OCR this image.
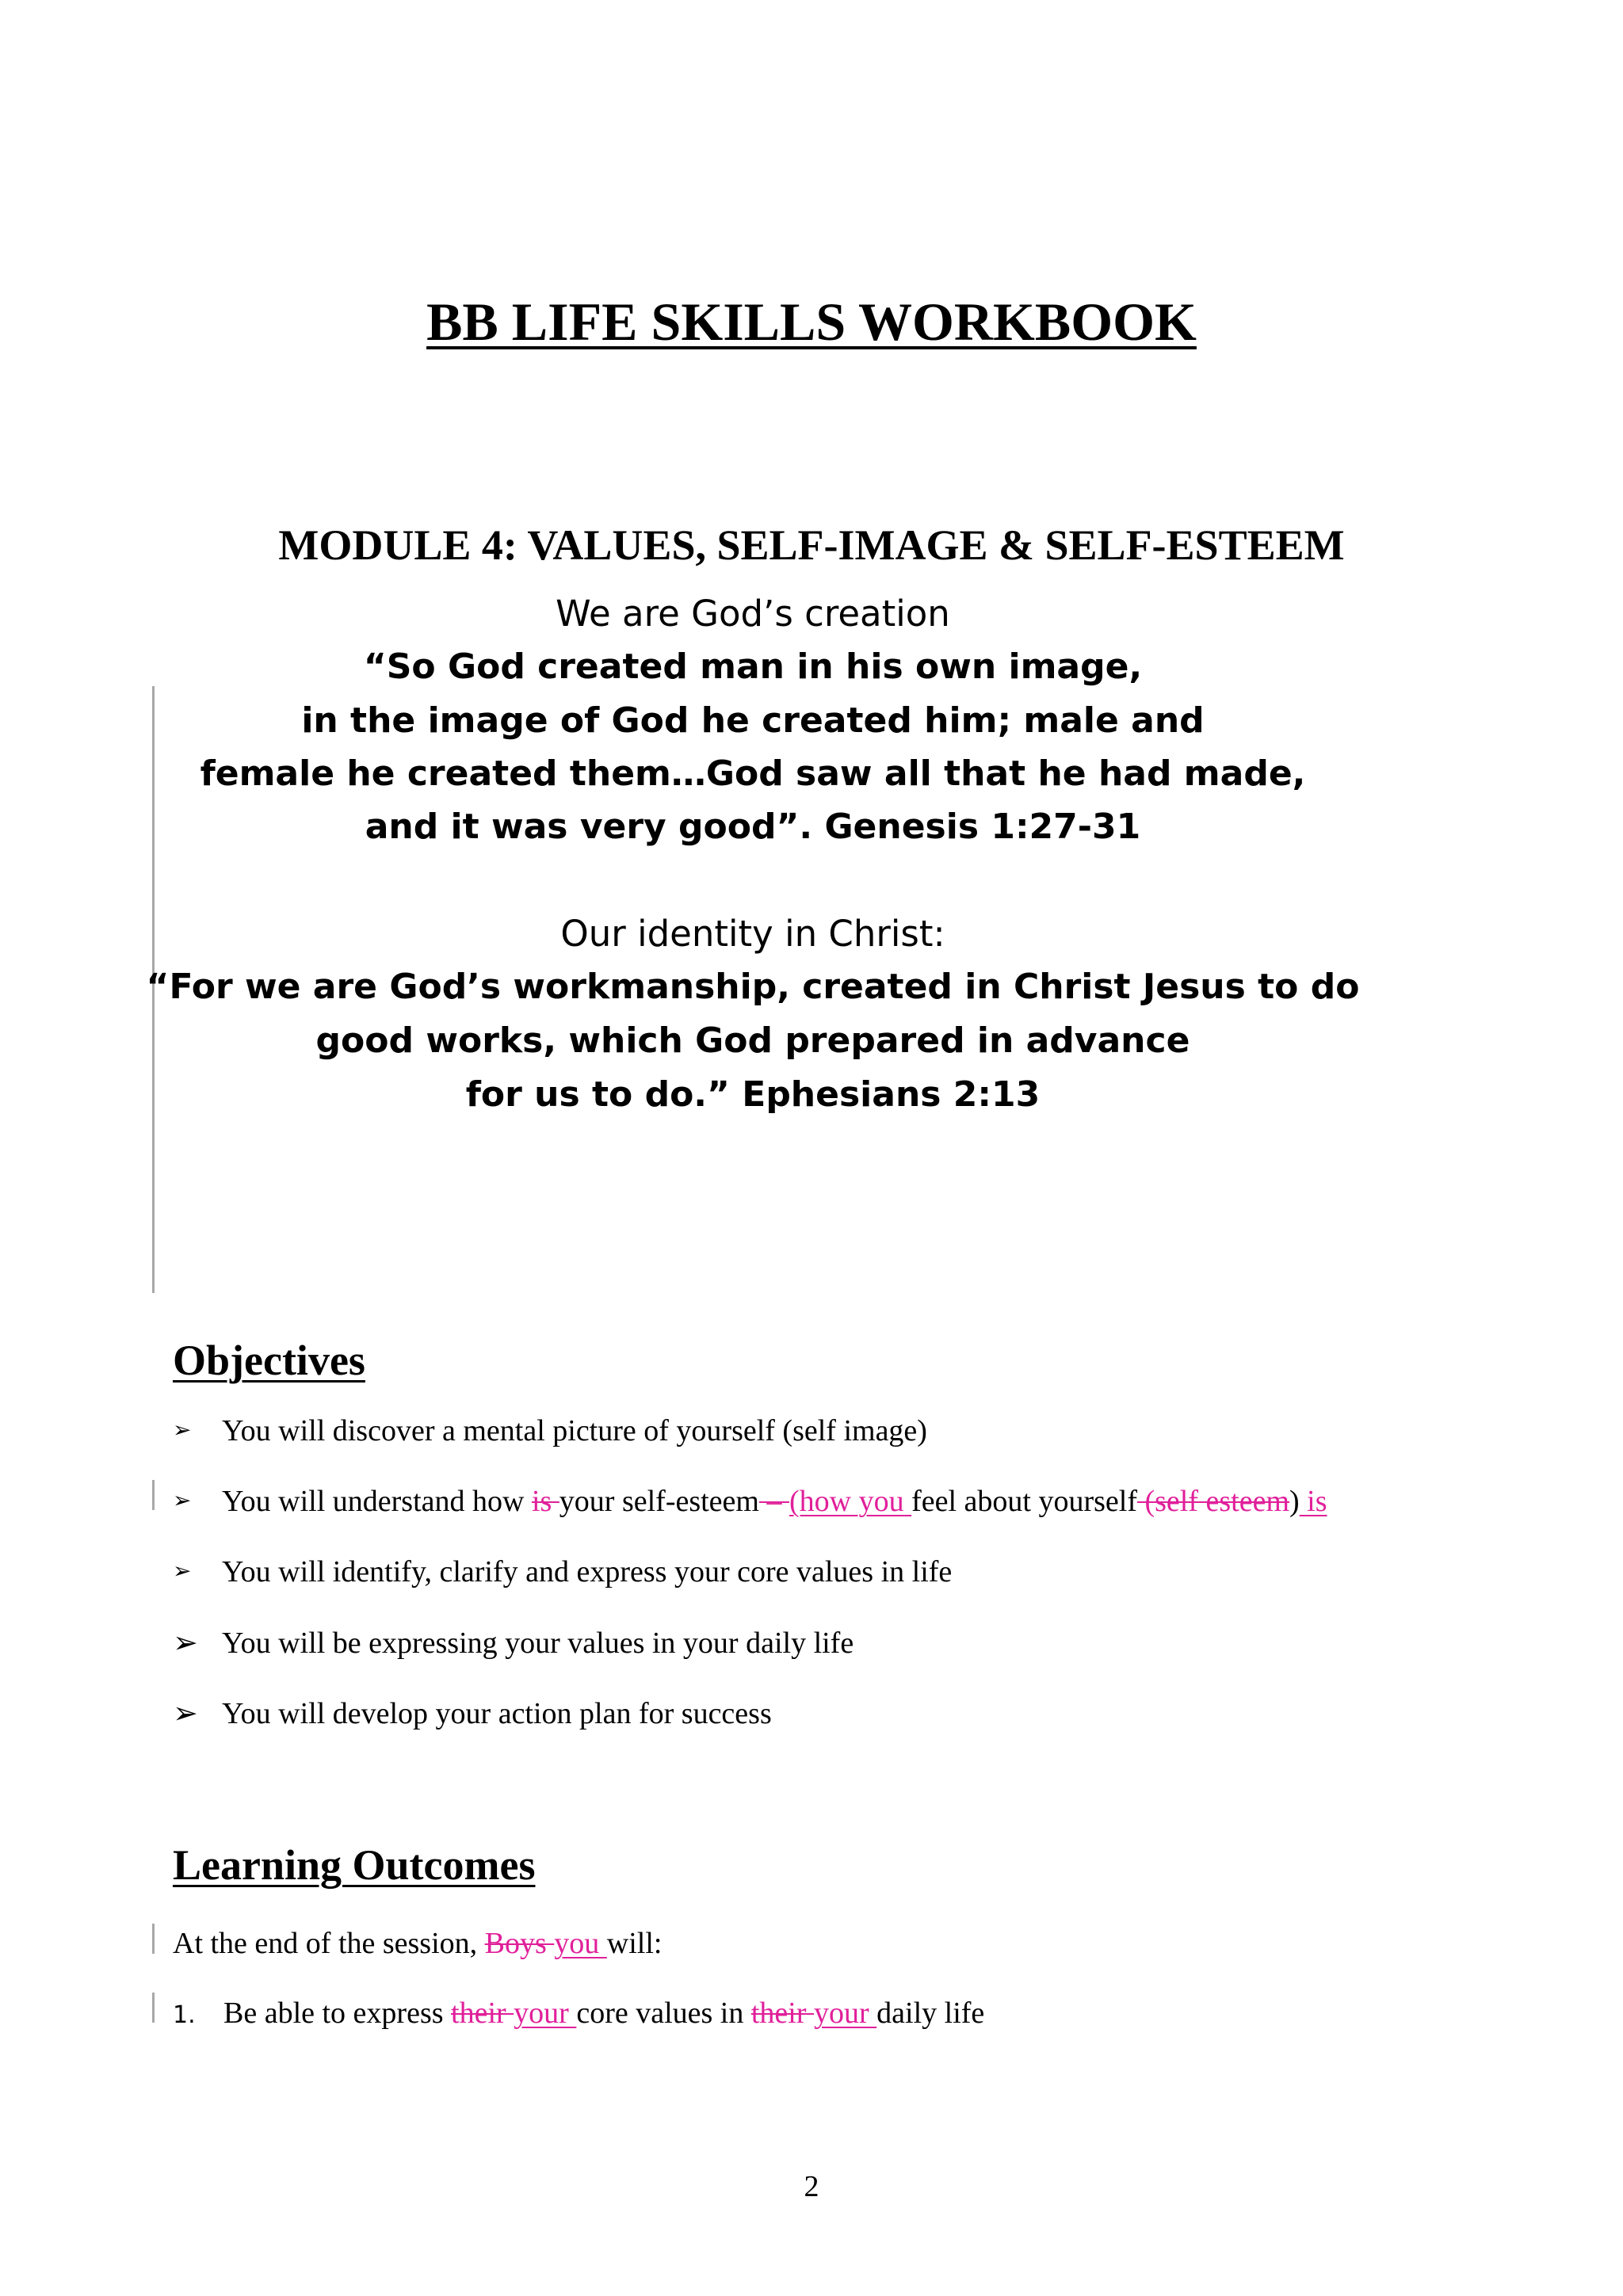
BB LIFE SKILLS WORKBOOK
MODULE 4: VALUES, SELF-IMAGE & SELF-ESTEEM
We are God’s creation
“So God created man in his own image,
in the image of God he created him; male and
female he created them…God saw all that he had made,
and it was very good”. Genesis 1:27-31
Our identity in Christ:
“For we are God’s workmanship, created in Christ Jesus to do
good works, which God prepared in advance
for us to do.” Ephesians 2:13
Objectives
➢ You will discover a mental picture of yourself (self image)
➢ You will understand how is your self-esteem – (how you feel about yourself (self esteem) is
➢ You will identify, clarify and express your core values in life
➢ You will be expressing your values in your daily life
➢ You will develop your action plan for success
Learning Outcomes
At the end of the session, Boys you will:
1. Be able to express their your core values in their your daily life
2
